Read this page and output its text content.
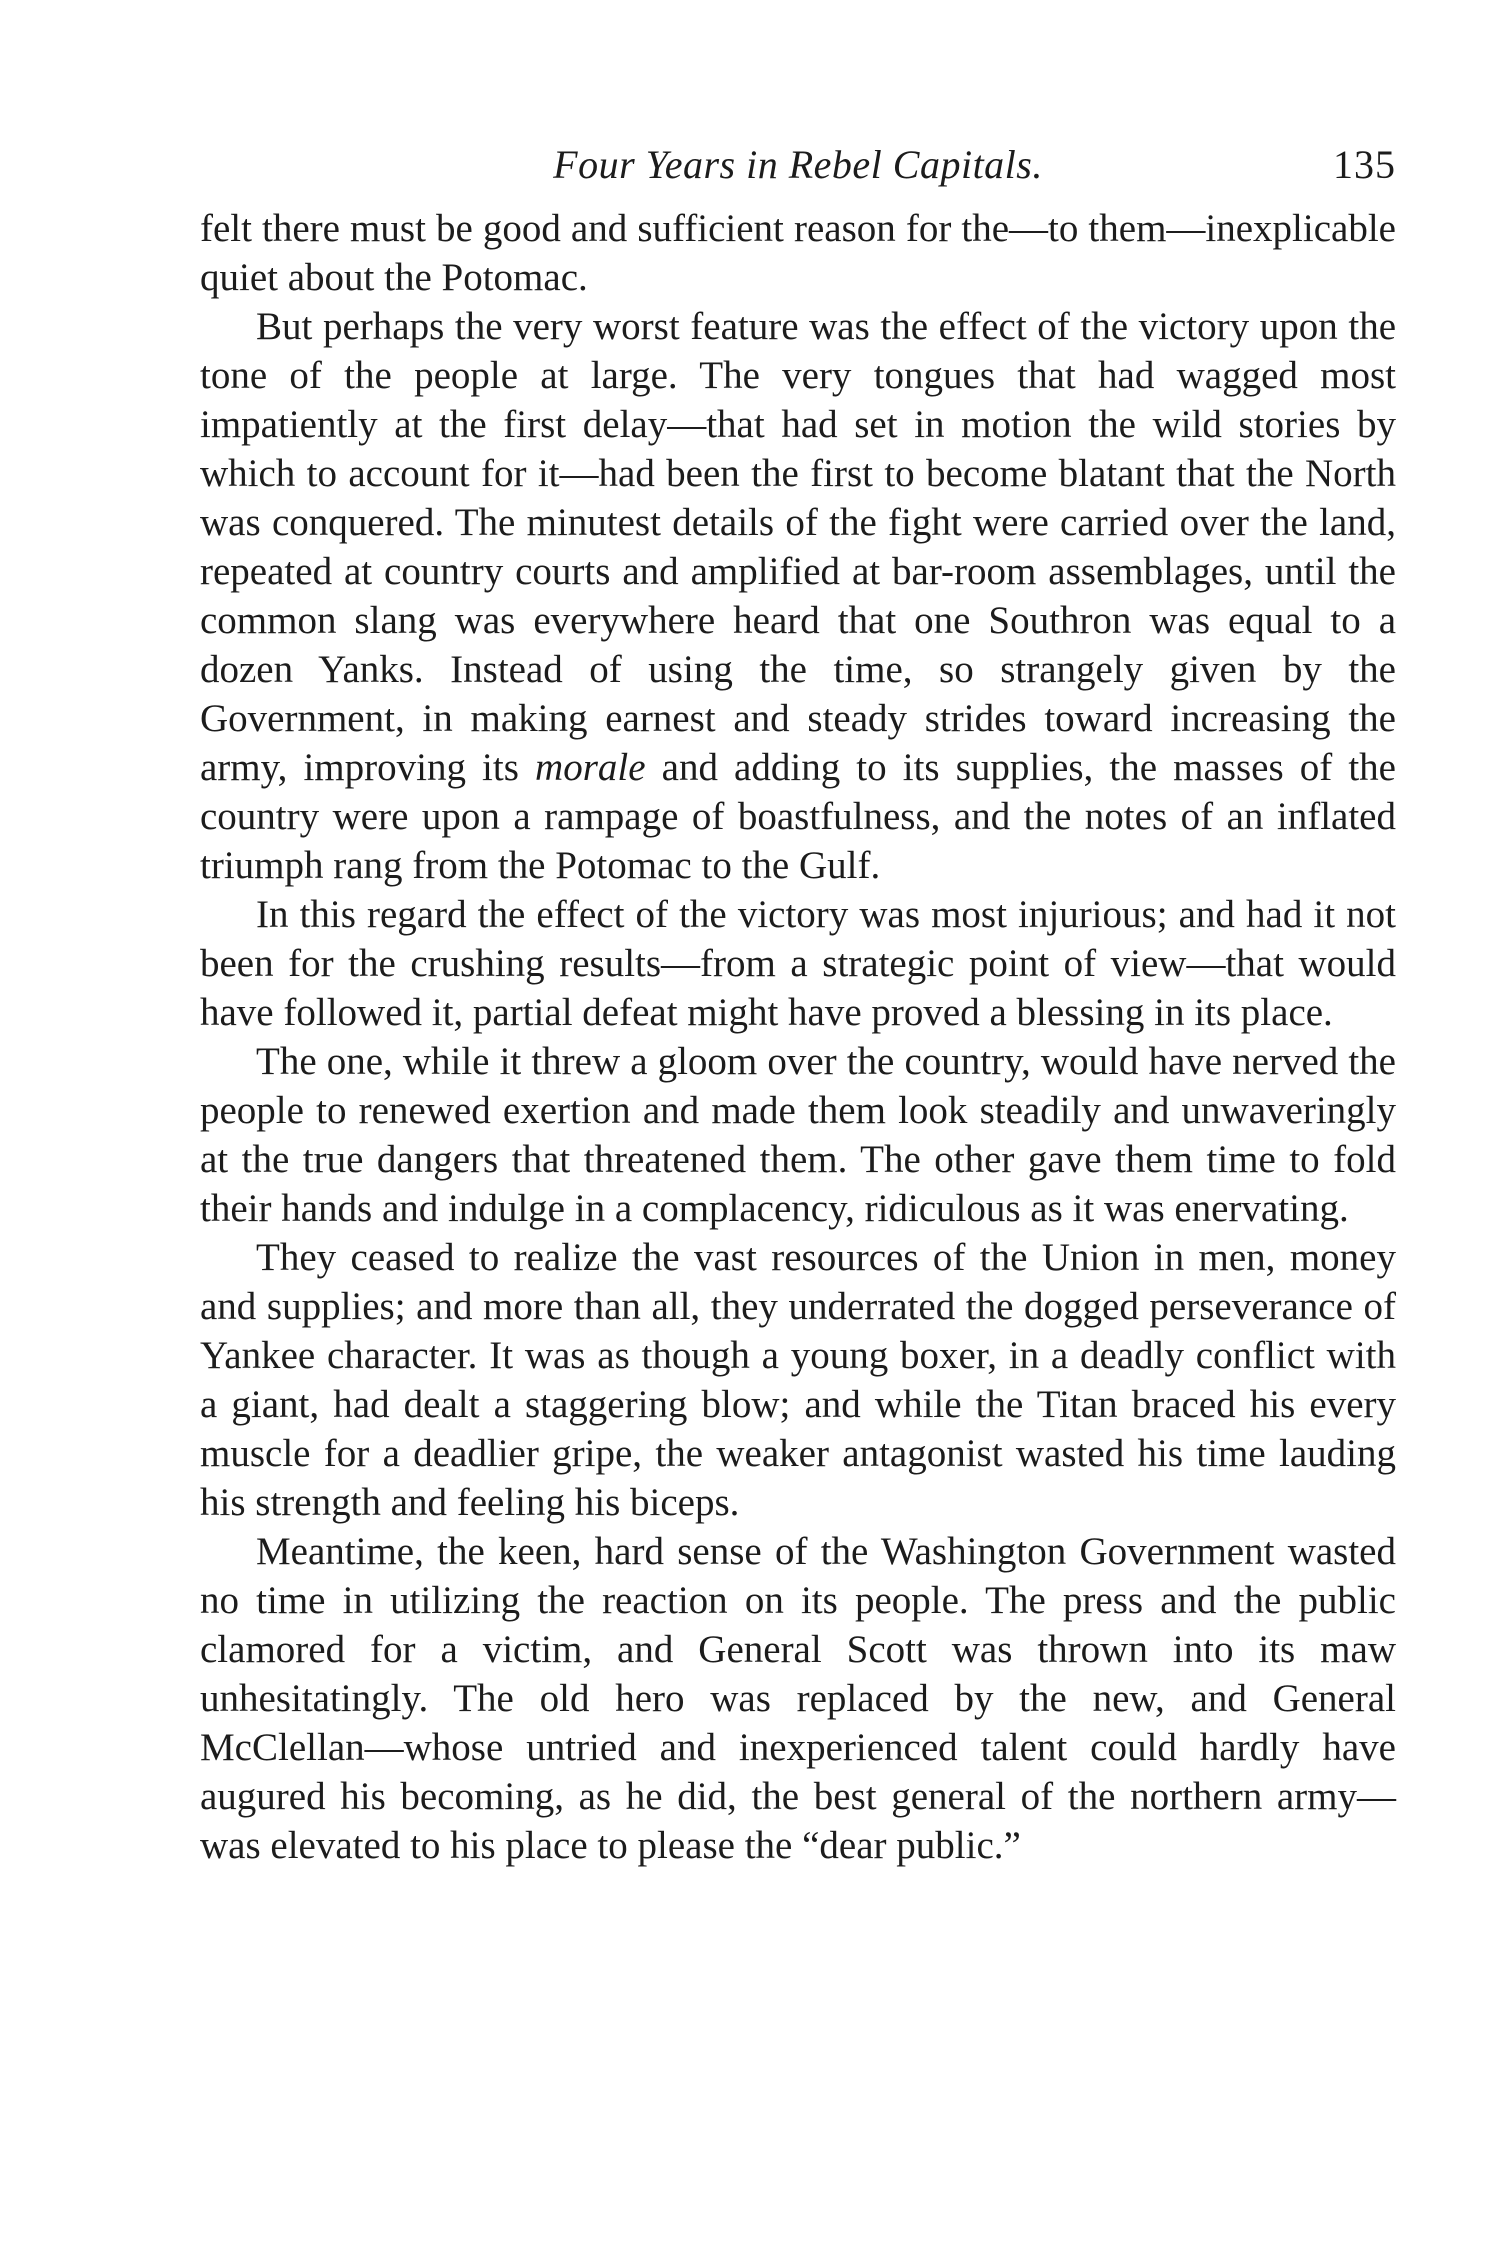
Four Years in Rebel Capitals.	135

felt there must be good and sufficient reason for the—to them—inexplicable quiet about the Potomac.

But perhaps the very worst feature was the effect of the victory upon the tone of the people at large. The very tongues that had wagged most impatiently at the first delay—that had set in motion the wild stories by which to account for it—had been the first to become blatant that the North was conquered. The minutest details of the fight were carried over the land, repeated at country courts and amplified at bar-room assemblages, until the common slang was everywhere heard that one Southron was equal to a dozen Yanks. Instead of using the time, so strangely given by the Government, in making earnest and steady strides toward increasing the army, improving its morale and adding to its supplies, the masses of the country were upon a rampage of boastfulness, and the notes of an inflated triumph rang from the Potomac to the Gulf.

In this regard the effect of the victory was most injurious; and had it not been for the crushing results—from a strategic point of view—that would have followed it, partial defeat might have proved a blessing in its place.

The one, while it threw a gloom over the country, would have nerved the people to renewed exertion and made them look steadily and unwaveringly at the true dangers that threatened them. The other gave them time to fold their hands and indulge in a complacency, ridiculous as it was enervating.

They ceased to realize the vast resources of the Union in men, money and supplies; and more than all, they underrated the dogged perseverance of Yankee character. It was as though a young boxer, in a deadly conflict with a giant, had dealt a staggering blow; and while the Titan braced his every muscle for a deadlier gripe, the weaker antagonist wasted his time lauding his strength and feeling his biceps.

Meantime, the keen, hard sense of the Washington Government wasted no time in utilizing the reaction on its people. The press and the public clamored for a victim, and General Scott was thrown into its maw unhesitatingly. The old hero was replaced by the new, and General McClellan—whose untried and inexperienced talent could hardly have augured his becoming, as he did, the best general of the northern army—was elevated to his place to please the “dear public.”
